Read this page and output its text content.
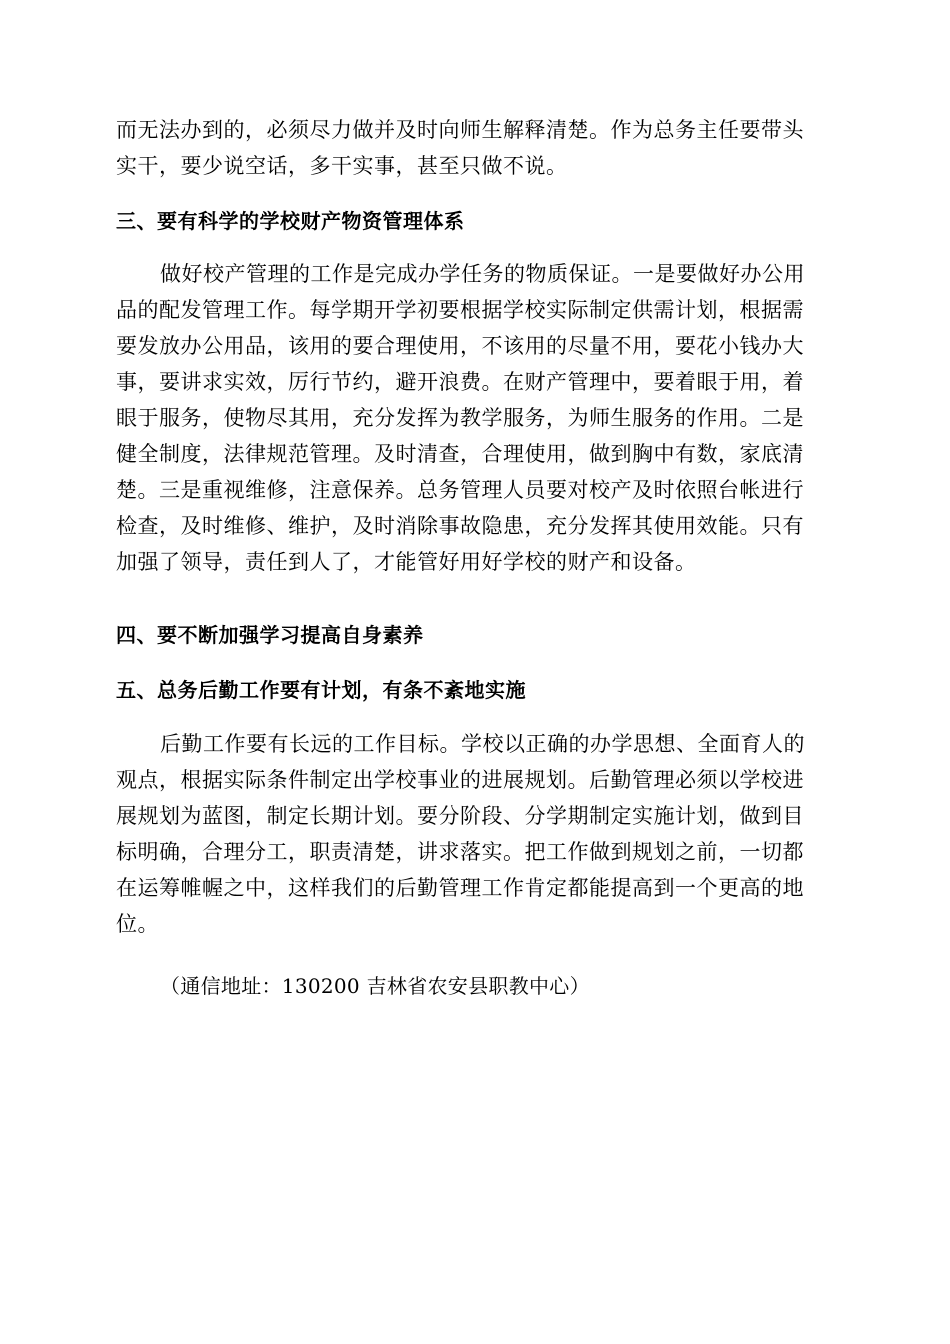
而无法办到的，必须尽力做并及时向师生解释清楚。作为总务主任要带头
实干，要少说空话，多干实事，甚至只做不说。
三、要有科学的学校财产物资管理体系
做好校产管理的工作是完成办学任务的物质保证。一是要做好办公用
品的配发管理工作。每学期开学初要根据学校实际制定供需计划，根据需
要发放办公用品，该用的要合理使用，不该用的尽量不用，要花小钱办大
事，要讲求实效，厉行节约，避开浪费。在财产管理中，要着眼于用，着
眼于服务，使物尽其用，充分发挥为教学服务，为师生服务的作用。二是
健全制度，法律规范管理。及时清查，合理使用，做到胸中有数，家底清
楚。三是重视维修，注意保养。总务管理人员要对校产及时依照台帐进行
检查，及时维修、维护，及时消除事故隐患，充分发挥其使用效能。只有
加强了领导，责任到人了，才能管好用好学校的财产和设备。
四、要不断加强学习提高自身素养
五、总务后勤工作要有计划，有条不紊地实施
后勤工作要有长远的工作目标。学校以正确的办学思想、全面育人的
观点，根据实际条件制定出学校事业的进展规划。后勤管理必须以学校进
展规划为蓝图，制定长期计划。要分阶段、分学期制定实施计划，做到目
标明确，合理分工，职责清楚，讲求落实。把工作做到规划之前，一切都
在运筹帷幄之中，这样我们的后勤管理工作肯定都能提高到一个更高的地
位。
（通信地址：130200 吉林省农安县职教中心）
